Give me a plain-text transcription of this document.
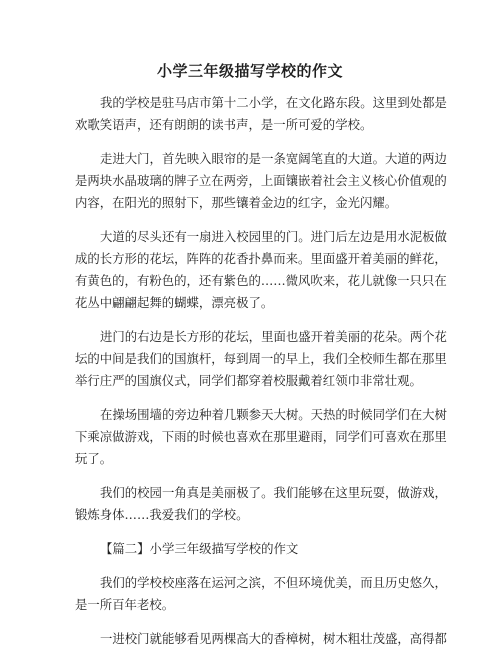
小学三年级描写学校的作文
我的学校是驻马店市第十二小学，在文化路东段。这里到处都是
欢歌笑语声，还有朗朗的读书声，是一所可爱的学校。
走进大门，首先映入眼帘的是一条宽阔笔直的大道。大道的两边
是两块水晶玻璃的牌子立在两旁，上面镶嵌着社会主义核心价值观的
内容，在阳光的照射下，那些镶着金边的红字，金光闪耀。
大道的尽头还有一扇进入校园里的门。进门后左边是用水泥板做
成的长方形的花坛，阵阵的花香扑鼻而来。里面盛开着美丽的鲜花，
有黄色的，有粉色的，还有紫色的……微风吹来，花儿就像一只只在
花丛中翩翩起舞的蝴蝶，漂亮极了。
进门的右边是长方形的花坛，里面也盛开着美丽的花朵。两个花
坛的中间是我们的国旗杆，每到周一的早上，我们全校师生都在那里
举行庄严的国旗仪式，同学们都穿着校服戴着红领巾非常壮观。
在操场围墙的旁边种着几颗参天大树。天热的时候同学们在大树
下乘凉做游戏，下雨的时候也喜欢在那里避雨，同学们可喜欢在那里
玩了。
我们的校园一角真是美丽极了。我们能够在这里玩耍，做游戏，
锻炼身体……我爱我们的学校。
【篇二】小学三年级描写学校的作文
我们的学校校座落在运河之滨，不但环境优美，而且历史悠久，
是一所百年老校。
一进校门就能够看见两棵高大的香樟树，树木粗壮茂盛，高得都
